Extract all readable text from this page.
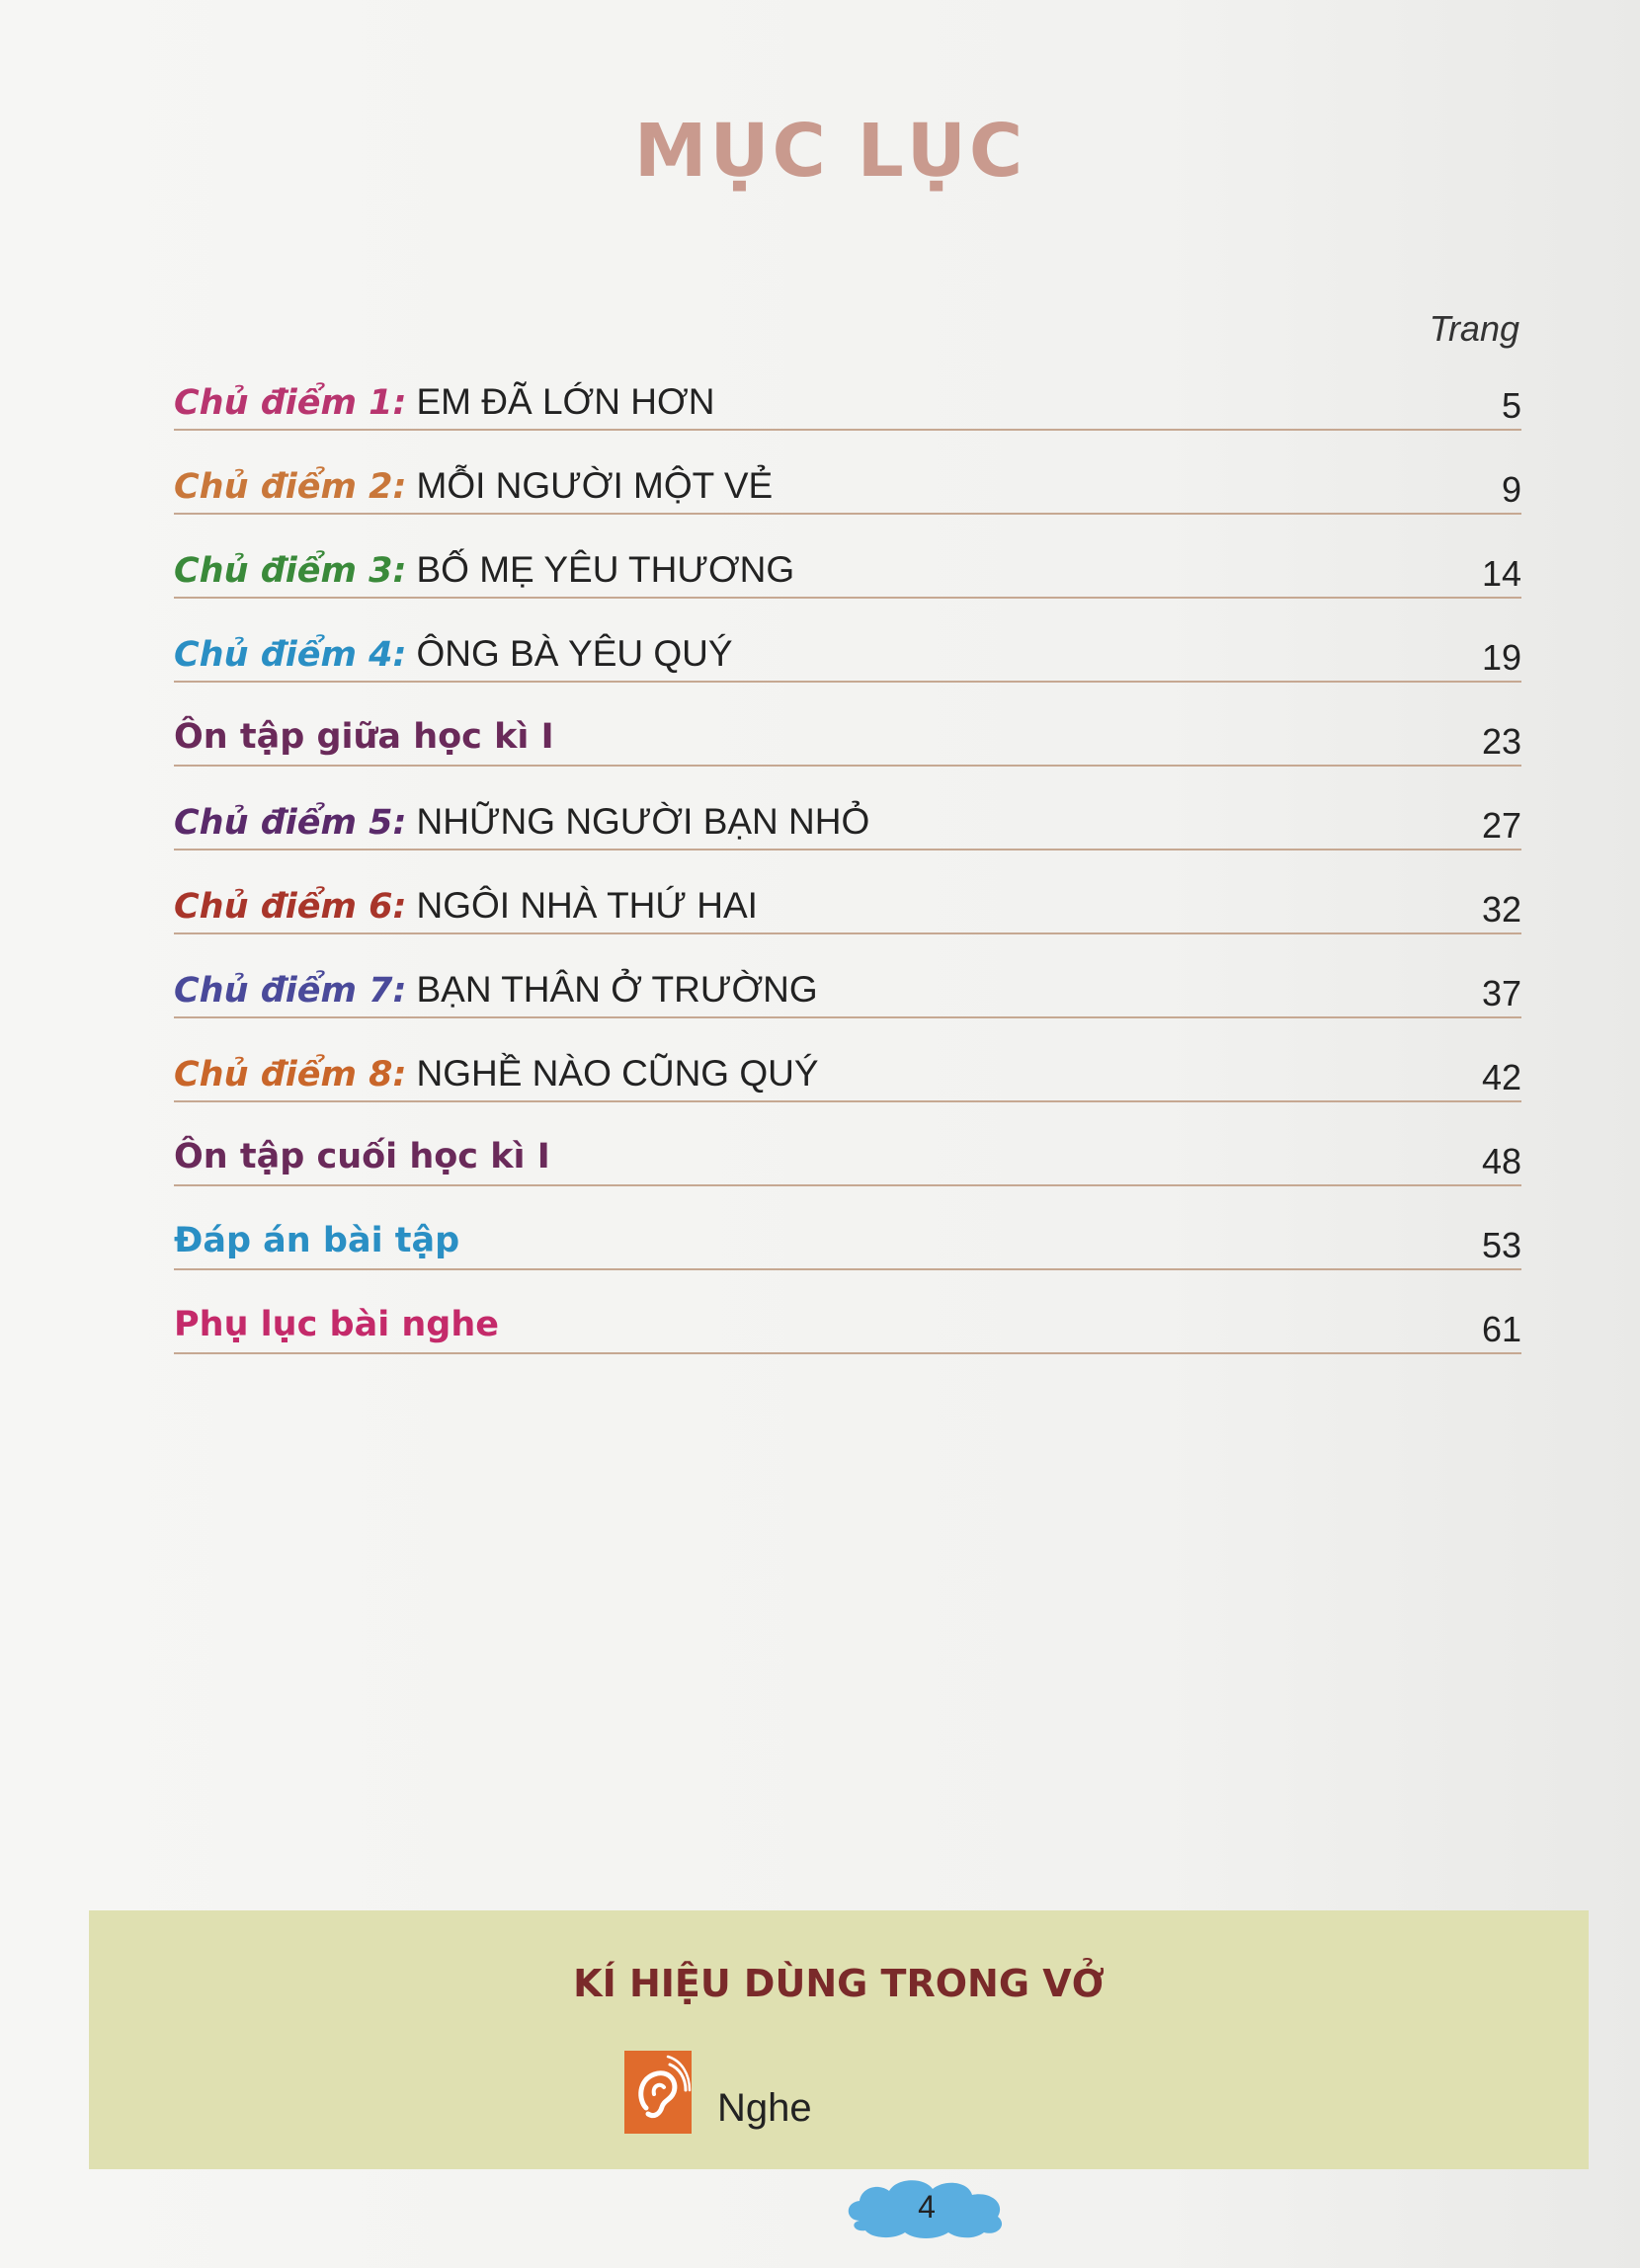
MỤC LỤC
Trang
Chủ điểm 1: EM ĐÃ LỚN HƠN	5
Chủ điểm 2: MỖI NGƯỜI MỘT VẺ	9
Chủ điểm 3: BỐ MẸ YÊU THƯƠNG	14
Chủ điểm 4: ÔNG BÀ YÊU QUÝ	19
Ôn tập giữa học kì I	23
Chủ điểm 5: NHỮNG NGƯỜI BẠN NHỎ	27
Chủ điểm 6: NGÔI NHÀ THỨ HAI	32
Chủ điểm 7: BẠN THÂN Ở TRƯỜNG	37
Chủ điểm 8: NGHỀ NÀO CŨNG QUÝ	42
Ôn tập cuối học kì I	48
Đáp án bài tập	53
Phụ lục bài nghe	61
KÍ HIỆU DÙNG TRONG VỞ
Nghe
4
